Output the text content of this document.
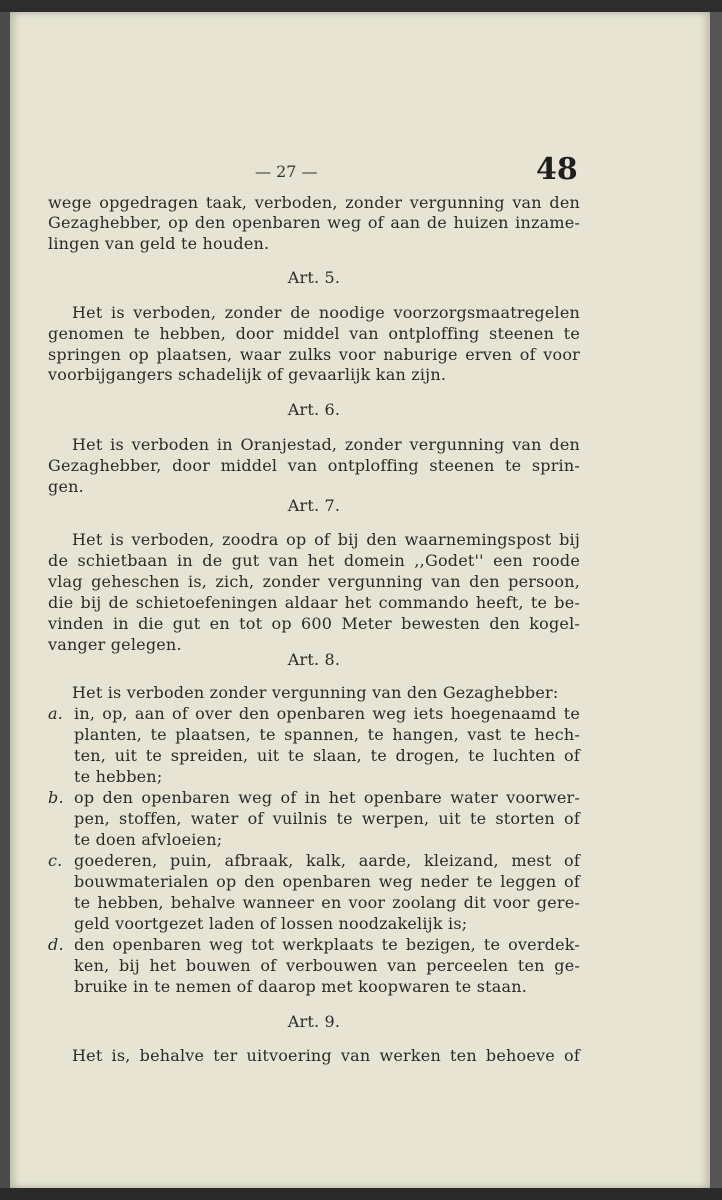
— 27 —	48
wege opgedragen taak, verboden, zonder vergunning van den
Gezaghebber, op den openbaren weg of aan de huizen inzame-
lingen van geld te houden.
Art. 5.
Het is verboden, zonder de noodige voorzorgsmaatregelen
genomen te hebben, door middel van ontploffing steenen te
springen op plaatsen, waar zulks voor naburige erven of voor
voorbijgangers schadelijk of gevaarlijk kan zijn.
Art. 6.
Het is verboden in Oranjestad, zonder vergunning van den
Gezaghebber, door middel van ontploffing steenen te sprin-
gen.
Art. 7.
Het is verboden, zoodra op of bij den waarnemingspost bij
de schietbaan in de gut van het domein ,,Godet'' een roode
vlag geheschen is, zich, zonder vergunning van den persoon,
die bij de schietoefeningen aldaar het commando heeft, te be-
vinden in die gut en tot op 600 Meter bewesten den kogel-
vanger gelegen.
Art. 8.
Het is verboden zonder vergunning van den Gezaghebber:
a. in, op, aan of over den openbaren weg iets hoegenaamd te
planten, te plaatsen, te spannen, te hangen, vast te hech-
ten, uit te spreiden, uit te slaan, te drogen, te luchten of
te hebben;
b. op den openbaren weg of in het openbare water voorwer-
pen, stoffen, water of vuilnis te werpen, uit te storten of
te doen afvloeien;
c. goederen, puin, afbraak, kalk, aarde, kleizand, mest of
bouwmaterialen op den openbaren weg neder te leggen of
te hebben, behalve wanneer en voor zoolang dit voor gere-
geld voortgezet laden of lossen noodzakelijk is;
d. den openbaren weg tot werkplaats te bezigen, te overdek-
ken, bij het bouwen of verbouwen van perceelen ten ge-
bruike in te nemen of daarop met koopwaren te staan.
Art. 9.
Het is, behalve ter uitvoering van werken ten behoeve of
